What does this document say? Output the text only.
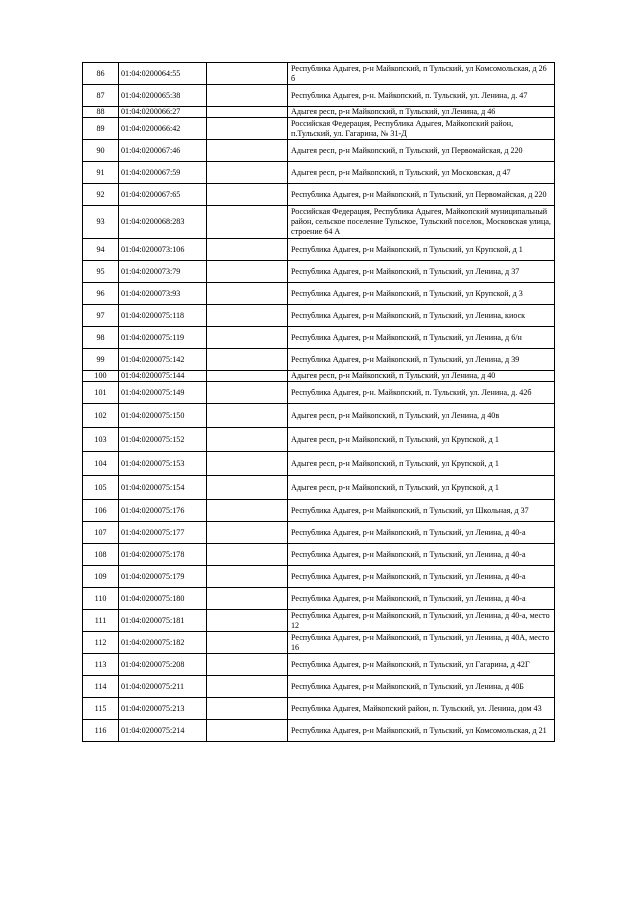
86	01:04:0200064:55		Республика Адыгея, р-н Майкопский, п Тульский, ул Комсомольская, д 26 б
87	01:04:0200065:38		Республика Адыгея, р-н. Майкопский, п. Тульский, ул. Ленина, д. 47
88	01:04:0200066:27		Адыгея респ, р-н Майкопский, п Тульский, ул Ленина, д 46
89	01:04:0200066:42		Российская Федерация, Республика Адыгея, Майкопский район, п.Тульский, ул. Гагарина, № 31-Д
90	01:04:0200067:46		Адыгея респ, р-н Майкопский, п Тульский, ул Первомайская, д 220
91	01:04:0200067:59		Адыгея респ, р-н Майкопский, п Тульский, ул Московская, д 47
92	01:04:0200067:65		Республика Адыгея, р-н Майкопский, п Тульский, ул Первомайская, д 220
93	01:04:0200068:283		Российская Федерация, Республика Адыгея, Майкопский муниципальный район, сельское поселение Тульское, Тульский поселок, Московская улица, строение 64 А
94	01:04:0200073:106		Республика Адыгея, р-н Майкопский, п Тульский, ул Крупской, д 1
95	01:04:0200073:79		Республика Адыгея, р-н Майкопский, п Тульский, ул Ленина, д 37
96	01:04:0200073:93		Республика Адыгея, р-н Майкопский, п Тульский, ул Крупской, д 3
97	01:04:0200075:118		Республика Адыгея, р-н Майкопский, п Тульский, ул Ленина, киоск
98	01:04:0200075:119		Республика Адыгея, р-н Майкопский, п Тульский, ул Ленина, д 6/н
99	01:04:0200075:142		Республика Адыгея, р-н Майкопский, п Тульский, ул Ленина, д 39
100	01:04:0200075:144		Адыгея респ, р-н Майкопский, п Тульский, ул Ленина, д 40
101	01:04:0200075:149		Республика Адыгея, р-н. Майкопский, п. Тульский, ул. Ленина, д. 42б
102	01:04:0200075:150		Адыгея респ, р-н Майкопский, п Тульский, ул Ленина, д 40в
103	01:04:0200075:152		Адыгея респ, р-н Майкопский, п Тульский, ул Крупской, д 1
104	01:04:0200075:153		Адыгея респ, р-н Майкопский, п Тульский, ул Крупской, д 1
105	01:04:0200075:154		Адыгея респ, р-н Майкопский, п Тульский, ул Крупской, д 1
106	01:04:0200075:176		Республика Адыгея, р-н Майкопский, п Тульский, ул Школьная, д 37
107	01:04:0200075:177		Республика Адыгея, р-н Майкопский, п Тульский, ул Ленина, д 40-а
108	01:04:0200075:178		Республика Адыгея, р-н Майкопский, п Тульский, ул Ленина, д 40-а
109	01:04:0200075:179		Республика Адыгея, р-н Майкопский, п Тульский, ул Ленина, д 40-а
110	01:04:0200075:180		Республика Адыгея, р-н Майкопский, п Тульский, ул Ленина, д 40-а
111	01:04:0200075:181		Республика Адыгея, р-н Майкопский, п Тульский, ул Ленина, д 40-а, место 12
112	01:04:0200075:182		Республика Адыгея, р-н Майкопский, п Тульский, ул Ленина, д 40А, место 16
113	01:04:0200075:208		Республика Адыгея, р-н Майкопский, п Тульский, ул Гагарина, д 42Г
114	01:04:0200075:211		Республика Адыгея, р-н Майкопский, п Тульский, ул Ленина, д 40Б
115	01:04:0200075:213		Республика Адыгея, Майкопский район, п. Тульский, ул. Ленина, дом 43
116	01:04:0200075:214		Республика Адыгея, р-н Майкопский, п Тульский, ул Комсомольская, д 21
